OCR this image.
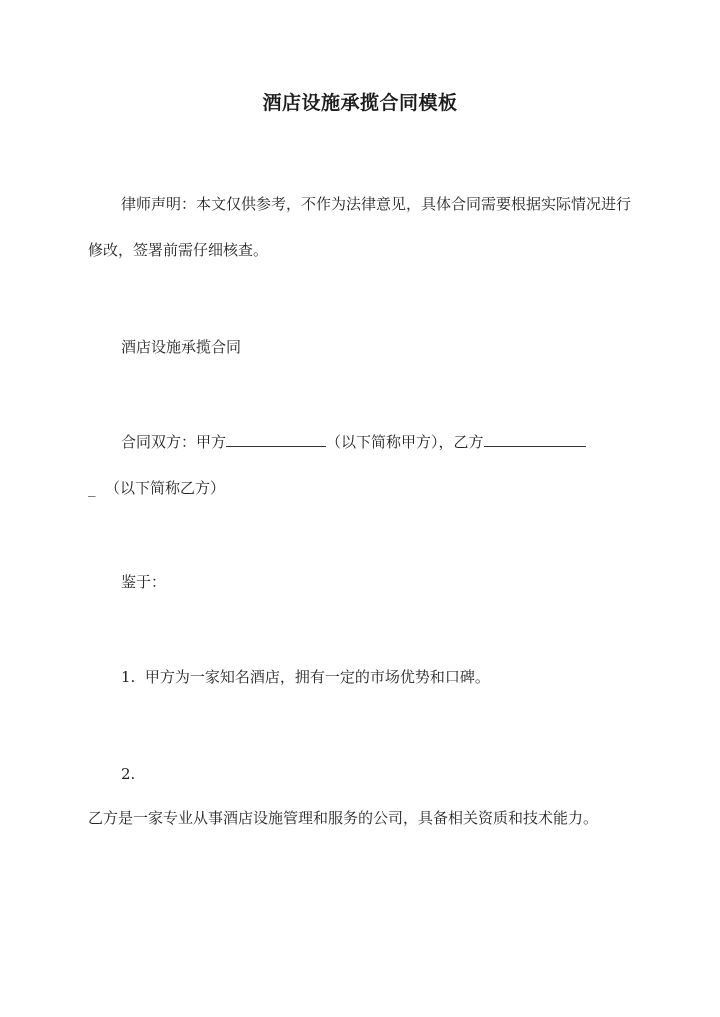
酒店设施承揽合同模板

律师声明：本文仅供参考，不作为法律意见，具体合同需要根据实际情况进行修改，签署前需仔细核查。

酒店设施承揽合同

合同双方：甲方	（以下简称甲方），乙方
_ （以下简称乙方）

鉴于：

1. 甲方为一家知名酒店，拥有一定的市场优势和口碑。

2.

乙方是一家专业从事酒店设施管理和服务的公司，具备相关资质和技术能力。
